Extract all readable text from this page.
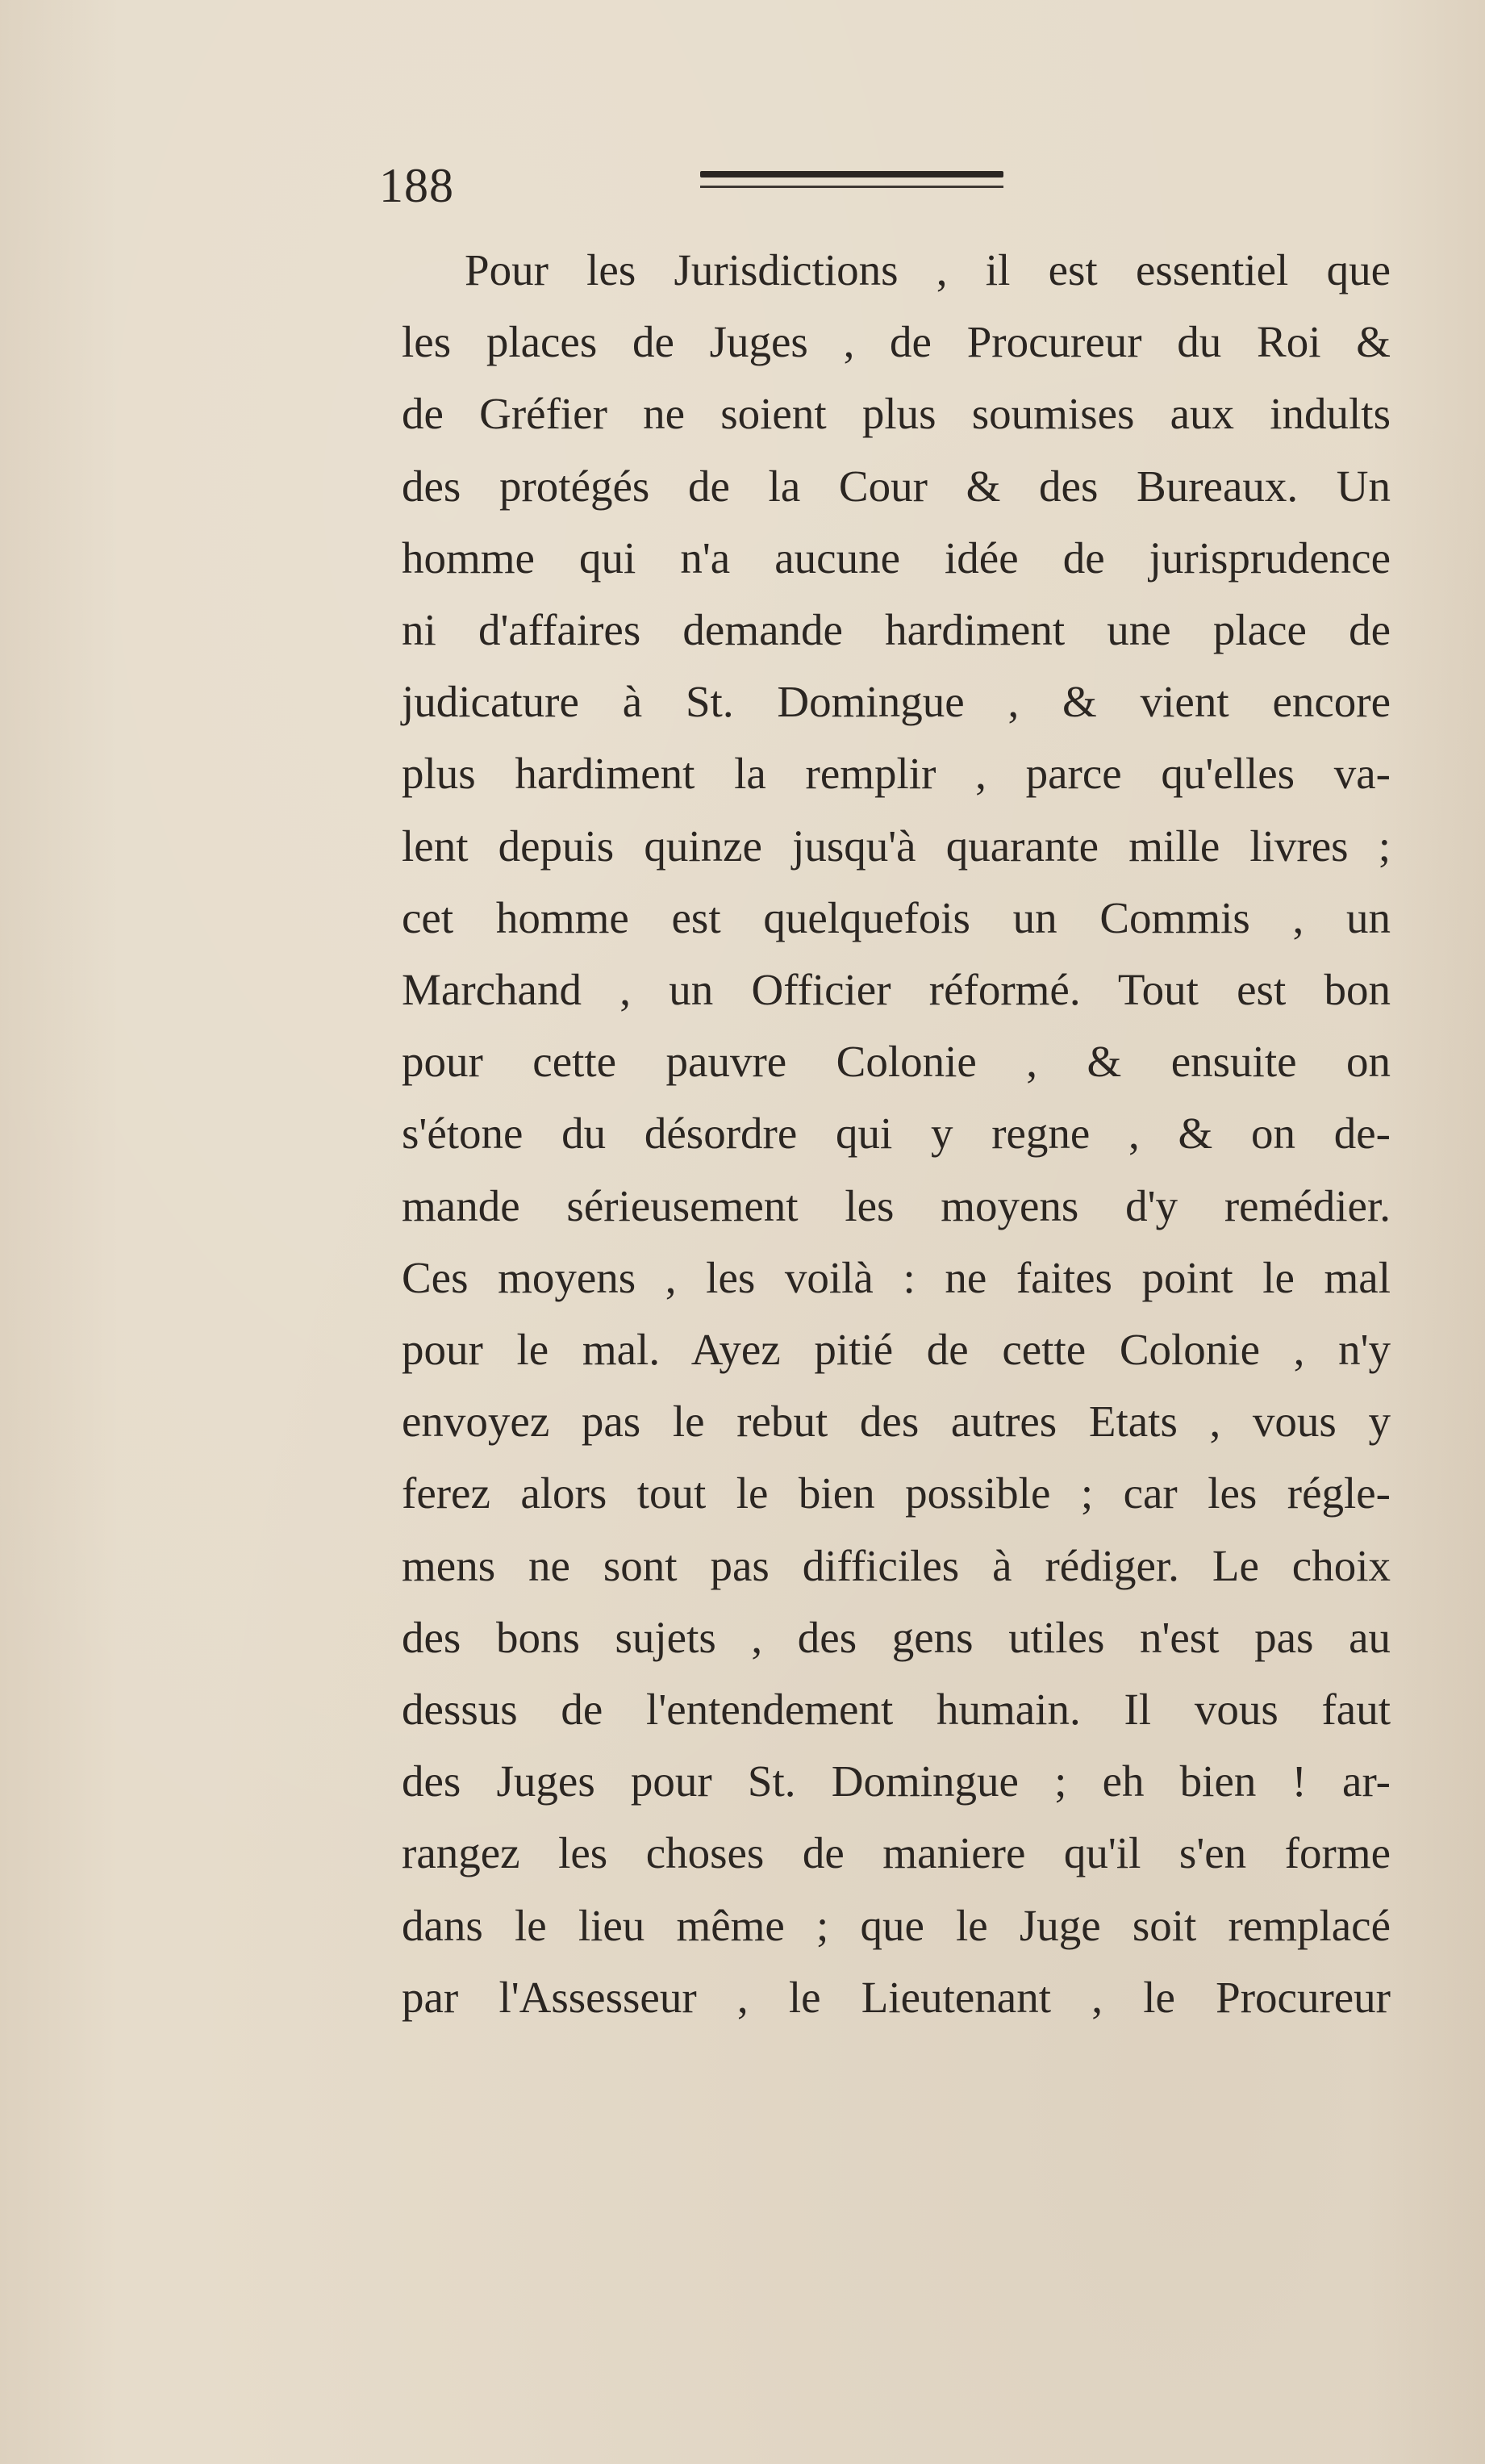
188
Pour les Jurisdictions , il est essentiel que
les places de Juges , de Procureur du Roi &
de Gréfier ne soient plus soumises aux indults
des protégés de la Cour & des Bureaux. Un
homme qui n'a aucune idée de jurisprudence
ni d'affaires demande hardiment une place de
judicature à St. Domingue , & vient encore
plus hardiment la remplir , parce qu'elles va-
lent depuis quinze jusqu'à quarante mille livres ;
cet homme est quelquefois un Commis , un
Marchand , un Officier réformé. Tout est bon
pour cette pauvre Colonie , & ensuite on
s'étone du désordre qui y regne , & on de-
mande sérieusement les moyens d'y remédier.
Ces moyens , les voilà : ne faites point le mal
pour le mal. Ayez pitié de cette Colonie , n'y
envoyez pas le rebut des autres Etats , vous y
ferez alors tout le bien possible ; car les régle-
mens ne sont pas difficiles à rédiger. Le choix
des bons sujets , des gens utiles n'est pas au
dessus de l'entendement humain. Il vous faut
des Juges pour St. Domingue ; eh bien ! ar-
rangez les choses de maniere qu'il s'en forme
dans le lieu même ; que le Juge soit remplacé
par l'Assesseur , le Lieutenant , le Procureur
